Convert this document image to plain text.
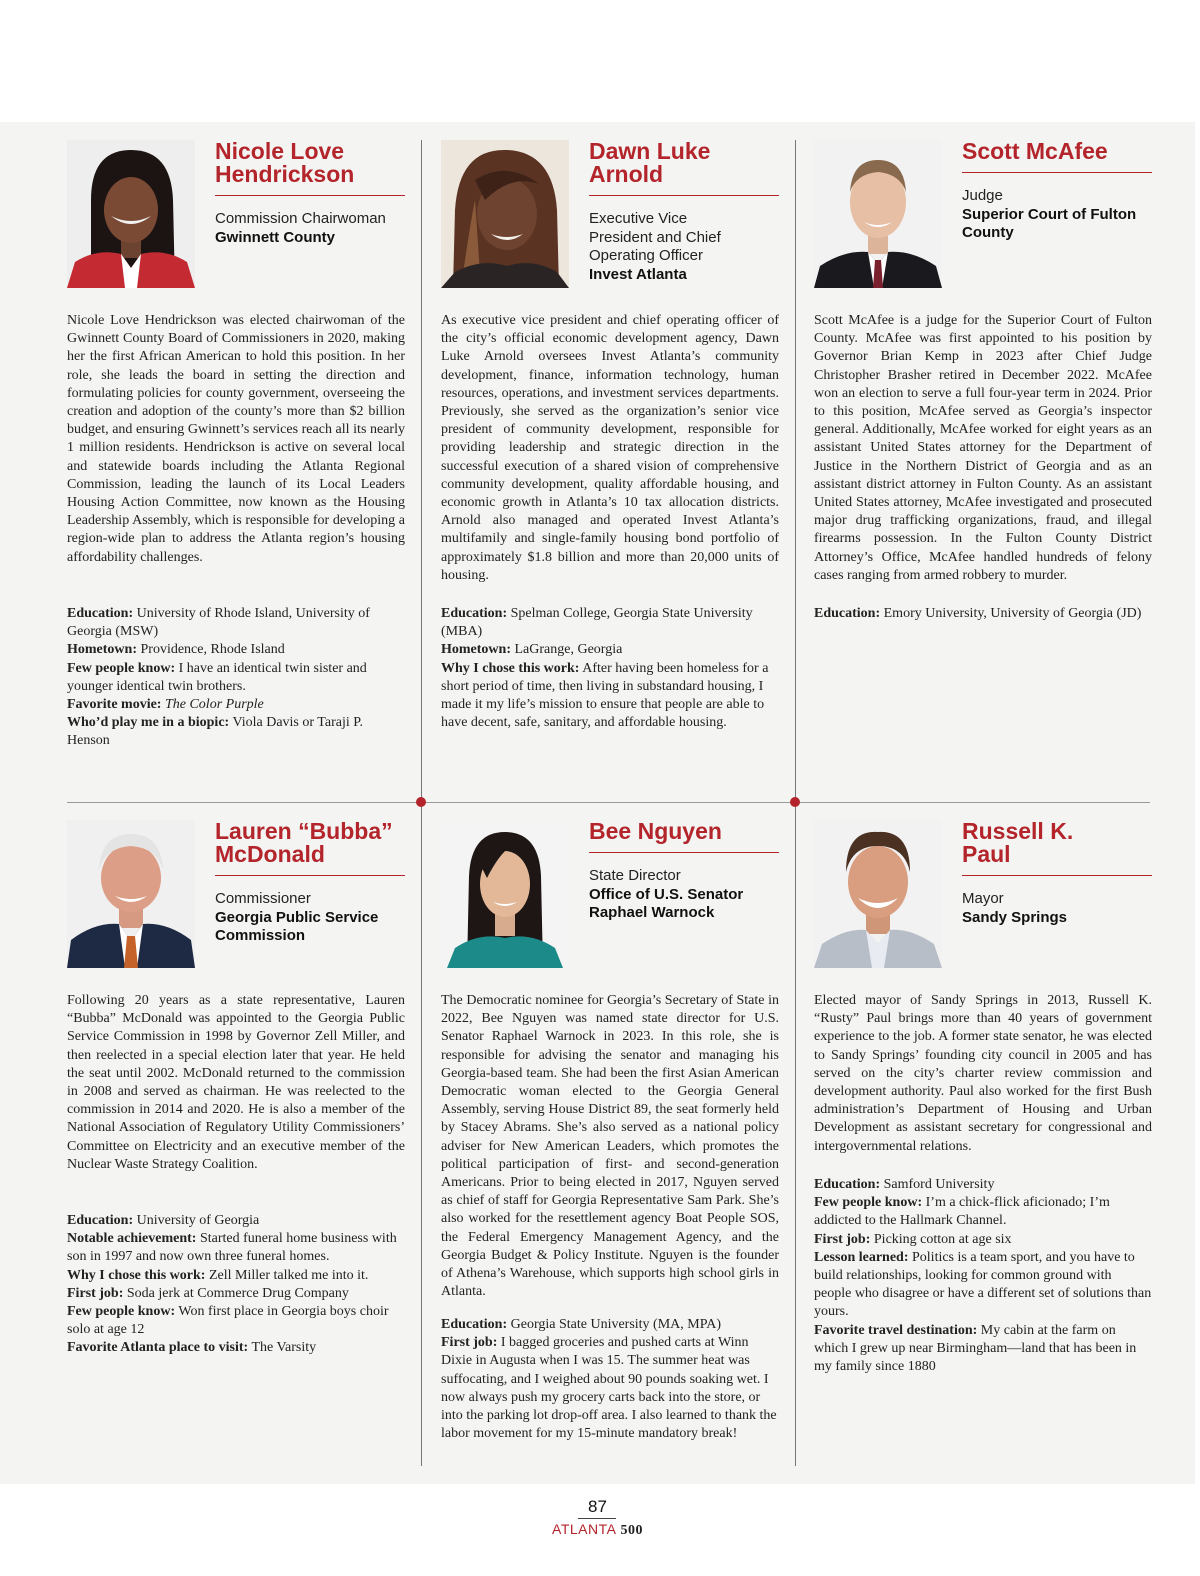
Nicole Love
Hendrickson
Commission Chairwoman
Gwinnett County

Nicole Love Hendrickson was elected chairwoman of the Gwinnett County Board of Commissioners in 2020, making her the first African American to hold this position. In her role, she leads the board in setting the direction and formulating policies for county government, overseeing the creation and adoption of the county’s more than $2 billion budget, and ensuring Gwinnett’s services reach all its nearly 1 million residents. Hendrickson is active on several local and statewide boards including the Atlanta Regional Commission, leading the launch of its Local Leaders Housing Action Committee, now known as the Housing Leadership Assembly, which is responsible for developing a region-wide plan to address the Atlanta region’s housing affordability challenges.

Education: University of Rhode Island, University of Georgia (MSW)

Hometown: Providence, Rhode Island

Few people know: I have an identical twin sister and younger identical twin brothers.

Favorite movie: The Color Purple

Who’d play me in a biopic: Viola Davis or Taraji P. Henson

Dawn Luke
Arnold
Executive Vice
President and Chief
Operating Officer
Invest Atlanta

As executive vice president and chief operating officer of the city’s official economic development agency, Dawn Luke Arnold oversees Invest Atlanta’s community development, finance, information technology, human resources, operations, and investment services departments. Previously, she served as the organization’s senior vice president of community development, responsible for providing leadership and strategic direction in the successful execution of a shared vision of comprehensive community development, quality affordable housing, and economic growth in Atlanta’s 10 tax allocation districts. Arnold also managed and operated Invest Atlanta’s multifamily and single-family housing bond portfolio of approximately $1.8 billion and more than 20,000 units of housing.

Education: Spelman College, Georgia State University (MBA)

Hometown: LaGrange, Georgia

Why I chose this work: After having been homeless for a short period of time, then living in substandard housing, I made it my life’s mission to ensure that people are able to have decent, safe, sanitary, and affordable housing.

Scott McAfee
Judge
Superior Court of Fulton
County

Scott McAfee is a judge for the Superior Court of Fulton County. McAfee was first appointed to his position by Governor Brian Kemp in 2023 after Chief Judge Christopher Brasher retired in December 2022. McAfee won an election to serve a full four-year term in 2024. Prior to this position, McAfee served as Georgia’s inspector general. Additionally, McAfee worked for eight years as an assistant United States attorney for the Department of Justice in the Northern District of Georgia and as an assistant district attorney in Fulton County. As an assistant United States attorney, McAfee investigated and prosecuted major drug trafficking organizations, fraud, and illegal firearms possession. In the Fulton County District Attorney’s Office, McAfee handled hundreds of felony cases ranging from armed robbery to murder.

Education: Emory University, University of Georgia (JD)

Lauren “Bubba”
McDonald
Commissioner
Georgia Public Service
Commission

Following 20 years as a state representative, Lauren “Bubba” McDonald was appointed to the Georgia Public Service Commission in 1998 by Governor Zell Miller, and then reelected in a special election later that year. He held the seat until 2002. McDonald returned to the commission in 2008 and served as chairman. He was reelected to the commission in 2014 and 2020. He is also a member of the National Association of Regulatory Utility Commissioners’ Committee on Electricity and an executive member of the Nuclear Waste Strategy Coalition.

Education: University of Georgia

Notable achievement: Started funeral home business with son in 1997 and now own three funeral homes.

Why I chose this work: Zell Miller talked me into it.

First job: Soda jerk at Commerce Drug Company

Few people know: Won first place in Georgia boys choir solo at age 12

Favorite Atlanta place to visit: The Varsity

Bee Nguyen
State Director
Office of U.S. Senator
Raphael Warnock

The Democratic nominee for Georgia’s Secretary of State in 2022, Bee Nguyen was named state director for U.S. Senator Raphael Warnock in 2023. In this role, she is responsible for advising the senator and managing his Georgia-based team. She had been the first Asian American Democratic woman elected to the Georgia General Assembly, serving House District 89, the seat formerly held by Stacey Abrams. She’s also served as a national policy adviser for New American Leaders, which promotes the political participation of first- and second-generation Americans. Prior to being elected in 2017, Nguyen served as chief of staff for Georgia Representative Sam Park. She’s also worked for the resettlement agency Boat People SOS, the Federal Emergency Management Agency, and the Georgia Budget & Policy Institute. Nguyen is the founder of Athena’s Warehouse, which supports high school girls in Atlanta.

Education: Georgia State University (MA, MPA)

First job: I bagged groceries and pushed carts at Winn Dixie in Augusta when I was 15. The summer heat was suffocating, and I weighed about 90 pounds soaking wet. I now always push my grocery carts back into the store, or into the parking lot drop-off area. I also learned to thank the labor movement for my 15-minute mandatory break!

Russell K.
Paul
Mayor
Sandy Springs

Elected mayor of Sandy Springs in 2013, Russell K. “Rusty” Paul brings more than 40 years of government experience to the job. A former state senator, he was elected to Sandy Springs’ founding city council in 2005 and has served on the city’s charter review commission and development authority. Paul also worked for the first Bush administration’s Department of Housing and Urban Development as assistant secretary for congressional and intergovernmental relations.

Education: Samford University

Few people know: I’m a chick-flick aficionado; I’m addicted to the Hallmark Channel.

First job: Picking cotton at age six

Lesson learned: Politics is a team sport, and you have to build relationships, looking for common ground with people who disagree or have a different set of solutions than yours.

Favorite travel destination: My cabin at the farm on which I grew up near Birmingham—land that has been in my family since 1880

87
ATLANTA 500
